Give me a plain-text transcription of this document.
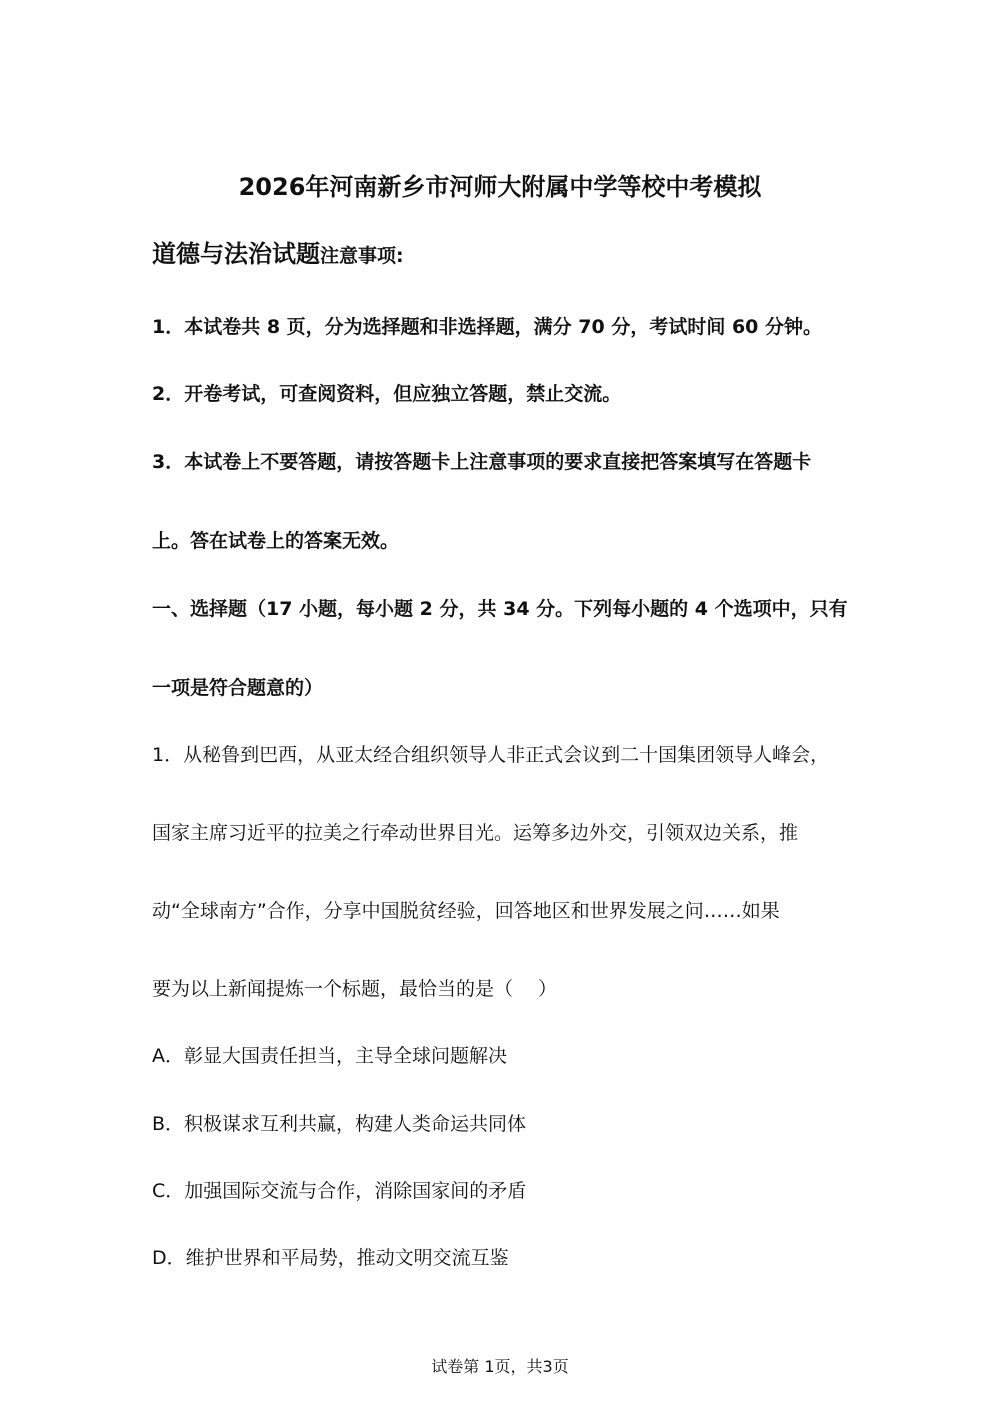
2026年河南新乡市河师大附属中学等校中考模拟
道德与法治试题注意事项:
1．本试卷共 8 页，分为选择题和非选择题，满分 70 分，考试时间 60 分钟。
2．开卷考试，可查阅资料，但应独立答题，禁止交流。
3．本试卷上不要答题，请按答题卡上注意事项的要求直接把答案填写在答题卡
上。答在试卷上的答案无效。
一、选择题（17 小题，每小题 2 分，共 34 分。下列每小题的 4 个选项中，只有
一项是符合题意的）
1．从秘鲁到巴西，从亚太经合组织领导人非正式会议到二十国集团领导人峰会，
国家主席习近平的拉美之行牵动世界目光。运筹多边外交，引领双边关系，推
动“全球南方”合作，分享中国脱贫经验，回答地区和世界发展之问……如果
要为以上新闻提炼一个标题，最恰当的是（　 ）
A．彰显大国责任担当，主导全球问题解决
B．积极谋求互利共赢，构建人类命运共同体
C．加强国际交流与合作，消除国家间的矛盾
D．维护世界和平局势，推动文明交流互鉴
试卷第 1页，共3页
